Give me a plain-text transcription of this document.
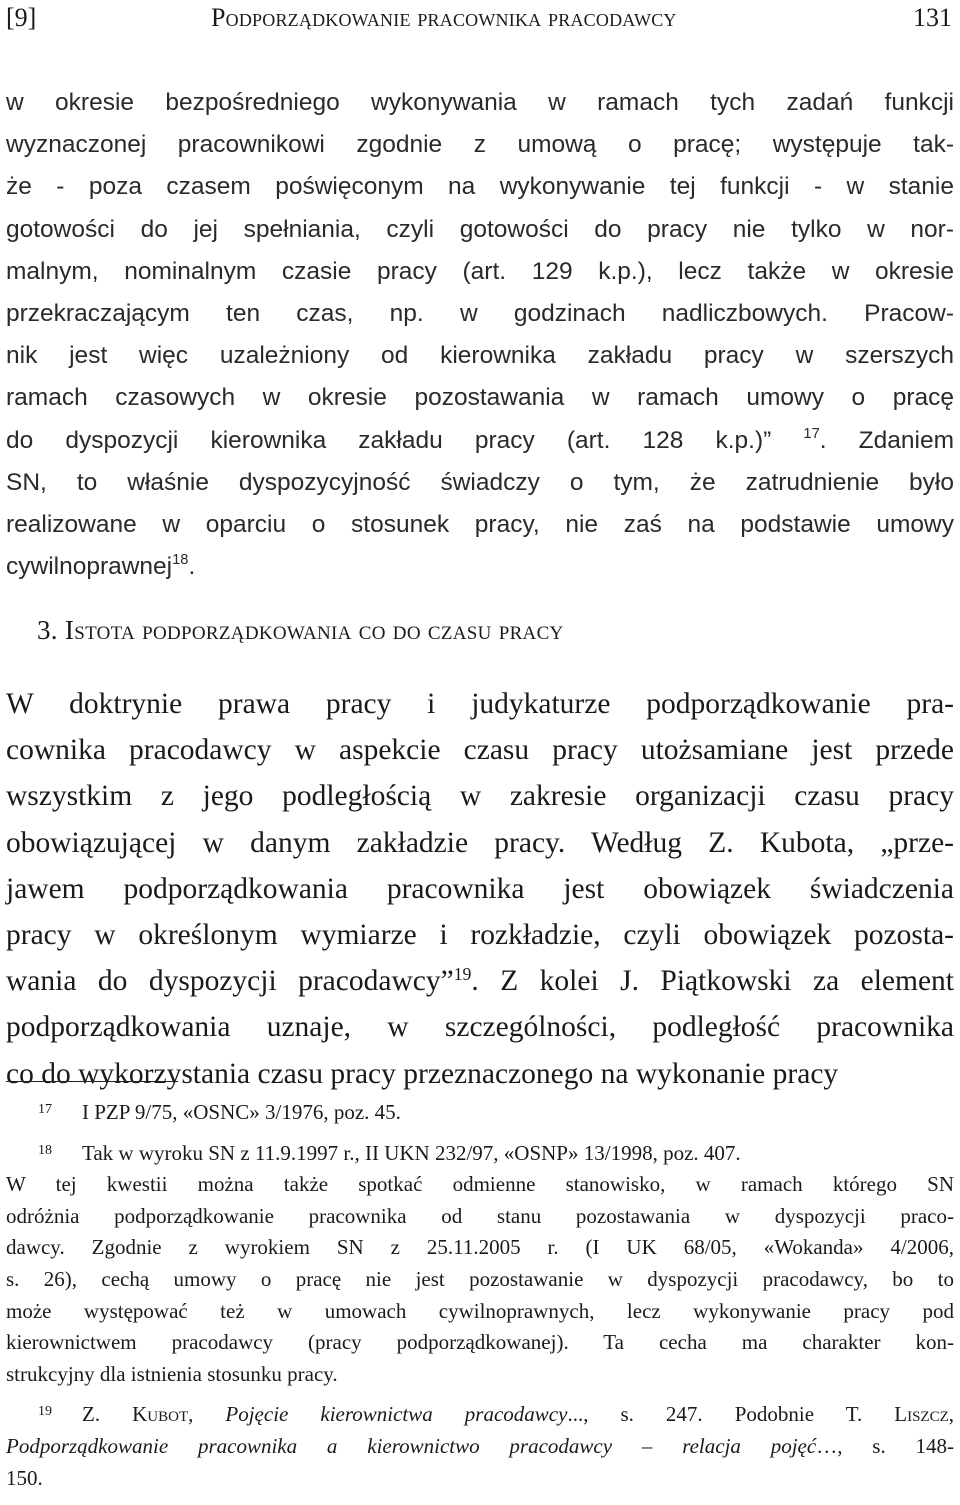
[9]	Podporządkowanie pracownika pracodawcy	131
w okresie bezpośredniego wykonywania w ramach tych zadań funkcji
wyznaczonej pracownikowi zgodnie z umową o pracę; występuje tak-
że - poza czasem poświęconym na wykonywanie tej funkcji - w stanie
gotowości do jej spełniania, czyli gotowości do pracy nie tylko w nor-
malnym, nominalnym czasie pracy (art. 129 k.p.), lecz także w okresie
przekraczającym ten czas, np. w godzinach nadliczbowych. Pracow-
nik jest więc uzależniony od kierownika zakładu pracy w szerszych
ramach czasowych w okresie pozostawania w ramach umowy o pracę
do dyspozycji kierownika zakładu pracy (art. 128 k.p.)” $^{17}$. Zdaniem
SN, to właśnie dyspozycyjność świadczy o tym, że zatrudnienie było
realizowane w oparciu o stosunek pracy, nie zaś na podstawie umowy
cywilnoprawnej$^{18}$.
3. Istota podporządkowania co do czasu pracy
W doktrynie prawa pracy i judykaturze podporządkowanie pra-
cownika pracodawcy w aspekcie czasu pracy utożsamiane jest przede
wszystkim z jego podległością w zakresie organizacji czasu pracy
obowiązującej w danym zakładzie pracy. Według Z. Kubota, „prze-
jawem podporządkowania pracownika jest obowiązek świadczenia
pracy w określonym wymiarze i rozkładzie, czyli obowiązek pozosta-
wania do dyspozycji pracodawcy”$^{19}$. Z kolei J. Piątkowski za element
podporządkowania uznaje, w szczególności, podległość pracownika
co do wykorzystania czasu pracy przeznaczonego na wykonanie pracy
17 I PZP 9/75, «OSNC» 3/1976, poz. 45.
18 Tak w wyroku SN z 11.9.1997 r., II UKN 232/97, «OSNP» 13/1998, poz. 407.
W tej kwestii można także spotkać odmienne stanowisko, w ramach którego SN
odróżnia podporządkowanie pracownika od stanu pozostawania w dyspozycji praco-
dawcy. Zgodnie z wyrokiem SN z 25.11.2005 r. (I UK 68/05, «Wokanda» 4/2006,
s. 26), cechą umowy o pracę nie jest pozostawanie w dyspozycji pracodawcy, bo to
może występować też w umowach cywilnoprawnych, lecz wykonywanie pracy pod
kierownictwem pracodawcy (pracy podporządkowanej). Ta cecha ma charakter kon-
strukcyjny dla istnienia stosunku pracy.
19 Z. Kubot, Pojęcie kierownictwa pracodawcy..., s. 247. Podobnie T. Liszcz,
Podporządkowanie pracownika a kierownictwo pracodawcy – relacja pojęć…, s. 148-
150.
